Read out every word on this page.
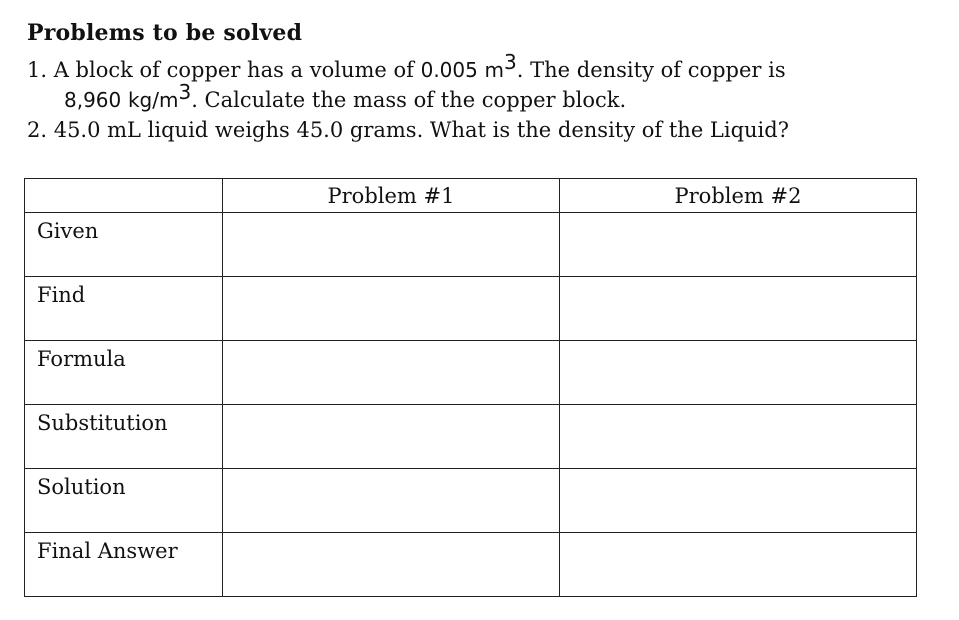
Problems to be solved
1. A block of copper has a volume of 0.005 $m^3$. The density of copper is
8,960 $kg/m^3$. Calculate the mass of the copper block.
2. 45.0 mL liquid weighs 45.0 grams. What is the density of the Liquid?
	Problem #1	Problem #2

Given		

Find		

Formula		

Substitution		

Solution		

Final Answer		
